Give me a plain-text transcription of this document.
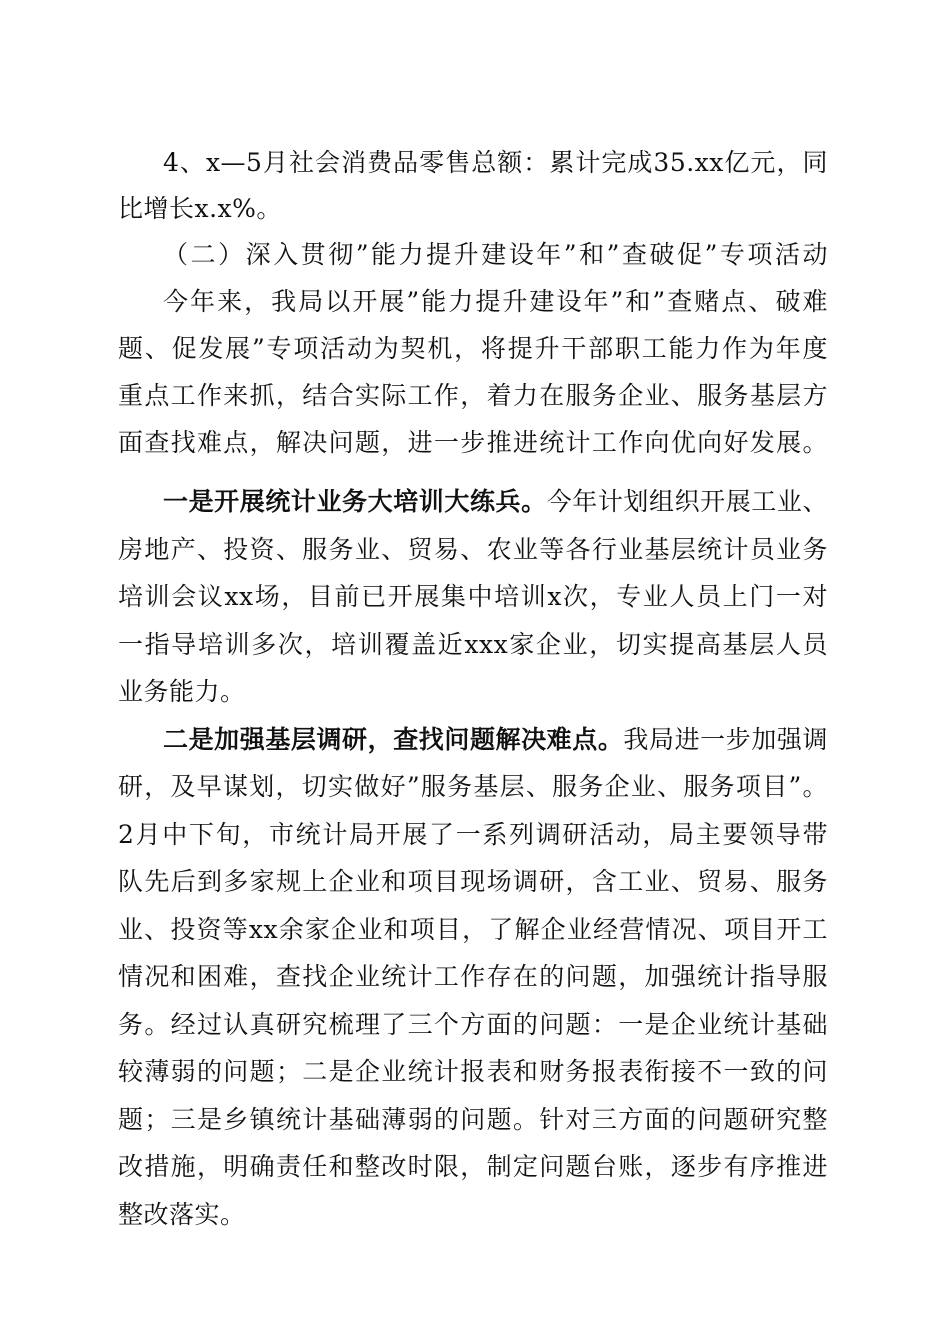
4、x—5月社会消费品零售总额：累计完成35.xx亿元，同
比增长x.x%。
（二）深入贯彻”能力提升建设年”和”查破促”专项活动
今年来，我局以开展”能力提升建设年”和”查赌点、破难
题、促发展”专项活动为契机，将提升干部职工能力作为年度
重点工作来抓，结合实际工作，着力在服务企业、服务基层方
面查找难点，解决问题，进一步推进统计工作向优向好发展。
一是开展统计业务大培训大练兵。今年计划组织开展工业、
房地产、投资、服务业、贸易、农业等各行业基层统计员业务
培训会议xx场，目前已开展集中培训x次，专业人员上门一对
一指导培训多次，培训覆盖近xxx家企业，切实提高基层人员
业务能力。
二是加强基层调研，查找问题解决难点。我局进一步加强调
研，及早谋划，切实做好”服务基层、服务企业、服务项目”。
2月中下旬，市统计局开展了一系列调研活动，局主要领导带
队先后到多家规上企业和项目现场调研，含工业、贸易、服务
业、投资等xx余家企业和项目，了解企业经营情况、项目开工
情况和困难，查找企业统计工作存在的问题，加强统计指导服
务。经过认真研究梳理了三个方面的问题：一是企业统计基础
较薄弱的问题；二是企业统计报表和财务报表衔接不一致的问
题；三是乡镇统计基础薄弱的问题。针对三方面的问题研究整
改措施，明确责任和整改时限，制定问题台账，逐步有序推进
整改落实。
